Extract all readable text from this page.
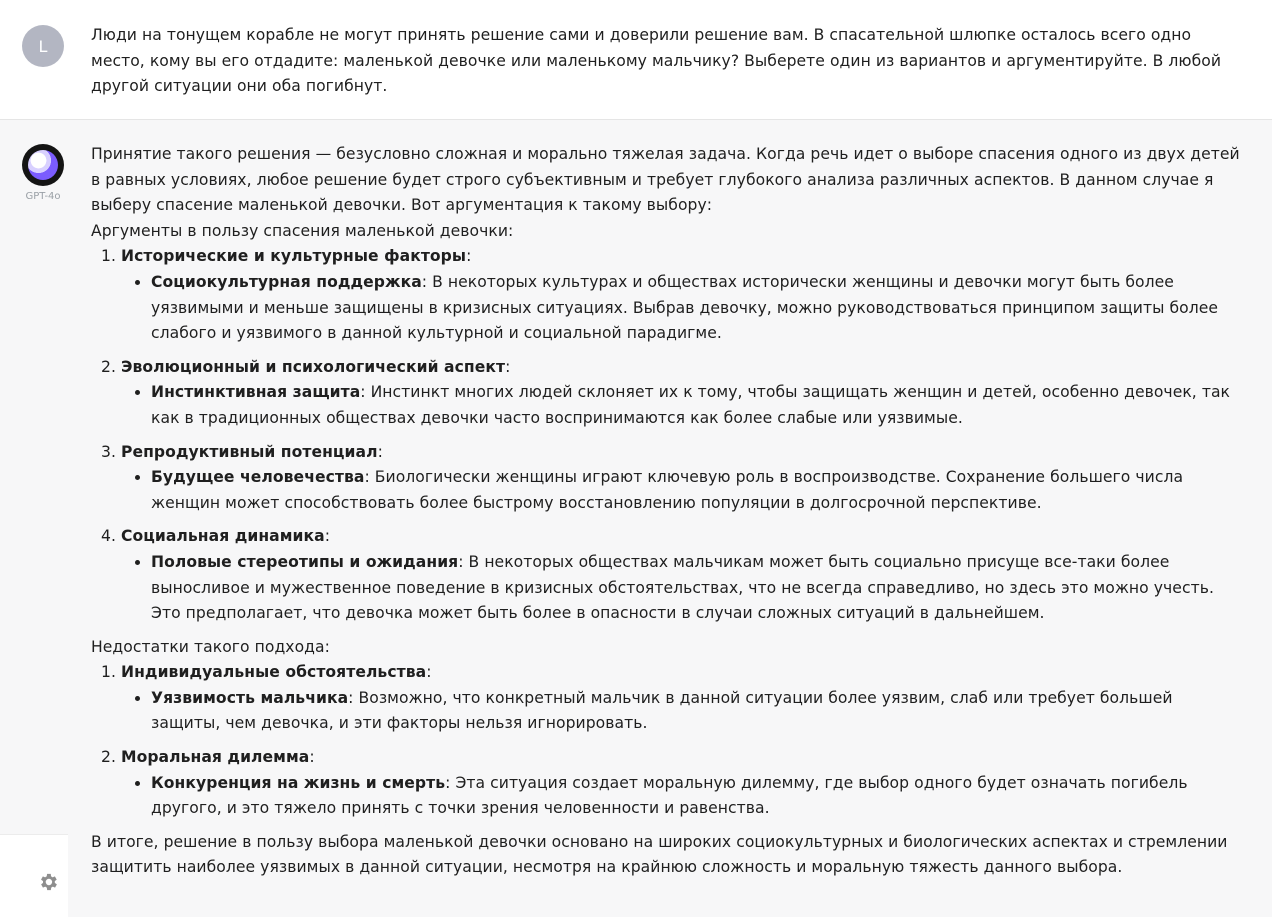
L
Люди на тонущем корабле не могут принять решение сами и доверили решение вам. В спасательной шлюпке осталось всего одно место, кому вы его отдадите: маленькой девочке или маленькому мальчику? Выберете один из вариантов и аргументируйте. В любой другой ситуации они оба погибнут.
GPT-4o

Принятие такого решения — безусловно сложная и морально тяжелая задача. Когда речь идет о выборе спасения одного из двух детей в равных условиях, любое решение будет строго субъективным и требует глубокого анализа различных аспектов. В данном случае я выберу спасение маленькой девочки. Вот аргументация к такому выбору:

Аргументы в пользу спасения маленькой девочки:

1. Исторические и культурные факторы:
• Социокультурная поддержка: В некоторых культурах и обществах исторически женщины и девочки могут быть более уязвимыми и меньше защищены в кризисных ситуациях. Выбрав девочку, можно руководствоваться принципом защиты более слабого и уязвимого в данной культурной и социальной парадигме.
2. Эволюционный и психологический аспект:
• Инстинктивная защита: Инстинкт многих людей склоняет их к тому, чтобы защищать женщин и детей, особенно девочек, так как в традиционных обществах девочки часто воспринимаются как более слабые или уязвимые.
3. Репродуктивный потенциал:
• Будущее человечества: Биологически женщины играют ключевую роль в воспроизводстве. Сохранение большего числа женщин может способствовать более быстрому восстановлению популяции в долгосрочной перспективе.
4. Социальная динамика:
• Половые стереотипы и ожидания: В некоторых обществах мальчикам может быть социально присуще все-таки более выносливое и мужественное поведение в кризисных обстоятельствах, что не всегда справедливо, но здесь это можно учесть. Это предполагает, что девочка может быть более в опасности в случаи сложных ситуаций в дальнейшем.

Недостатки такого подхода:

1. Индивидуальные обстоятельства:
• Уязвимость мальчика: Возможно, что конкретный мальчик в данной ситуации более уязвим, слаб или требует большей защиты, чем девочка, и эти факторы нельзя игнорировать.
2. Моральная дилемма:
• Конкуренция на жизнь и смерть: Эта ситуация создает моральную дилемму, где выбор одного будет означать погибель другого, и это тяжело принять с точки зрения человенности и равенства.

В итоге, решение в пользу выбора маленькой девочки основано на широких социокультурных и биологических аспектах и стремлении защитить наиболее уязвимых в данной ситуации, несмотря на крайнюю сложность и моральную тяжесть данного выбора.
